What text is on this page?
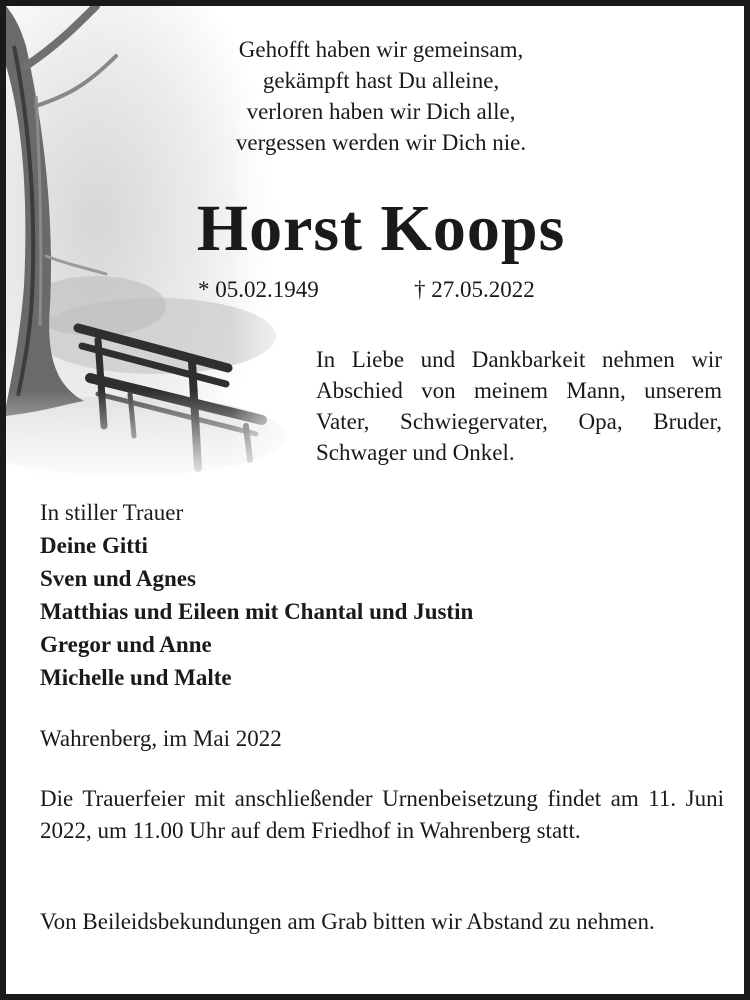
Gehofft haben wir gemeinsam,
gekämpft hast Du alleine,
verloren haben wir Dich alle,
vergessen werden wir Dich nie.
Horst Koops
* 05.02.1949	† 27.05.2022
In Liebe und Dankbarkeit nehmen wir Abschied von meinem Mann, unserem Vater, Schwiegervater, Opa, Bruder, Schwager und Onkel.
In stiller Trauer
Deine Gitti
Sven und Agnes
Matthias und Eileen mit Chantal und Justin
Gregor und Anne
Michelle und Malte
Wahrenberg, im Mai 2022
Die Trauerfeier mit anschließender Urnenbeisetzung findet am 11. Juni 2022, um 11.00 Uhr auf dem Friedhof in Wahrenberg statt.
Von Beileidsbekundungen am Grab bitten wir Abstand zu nehmen.
